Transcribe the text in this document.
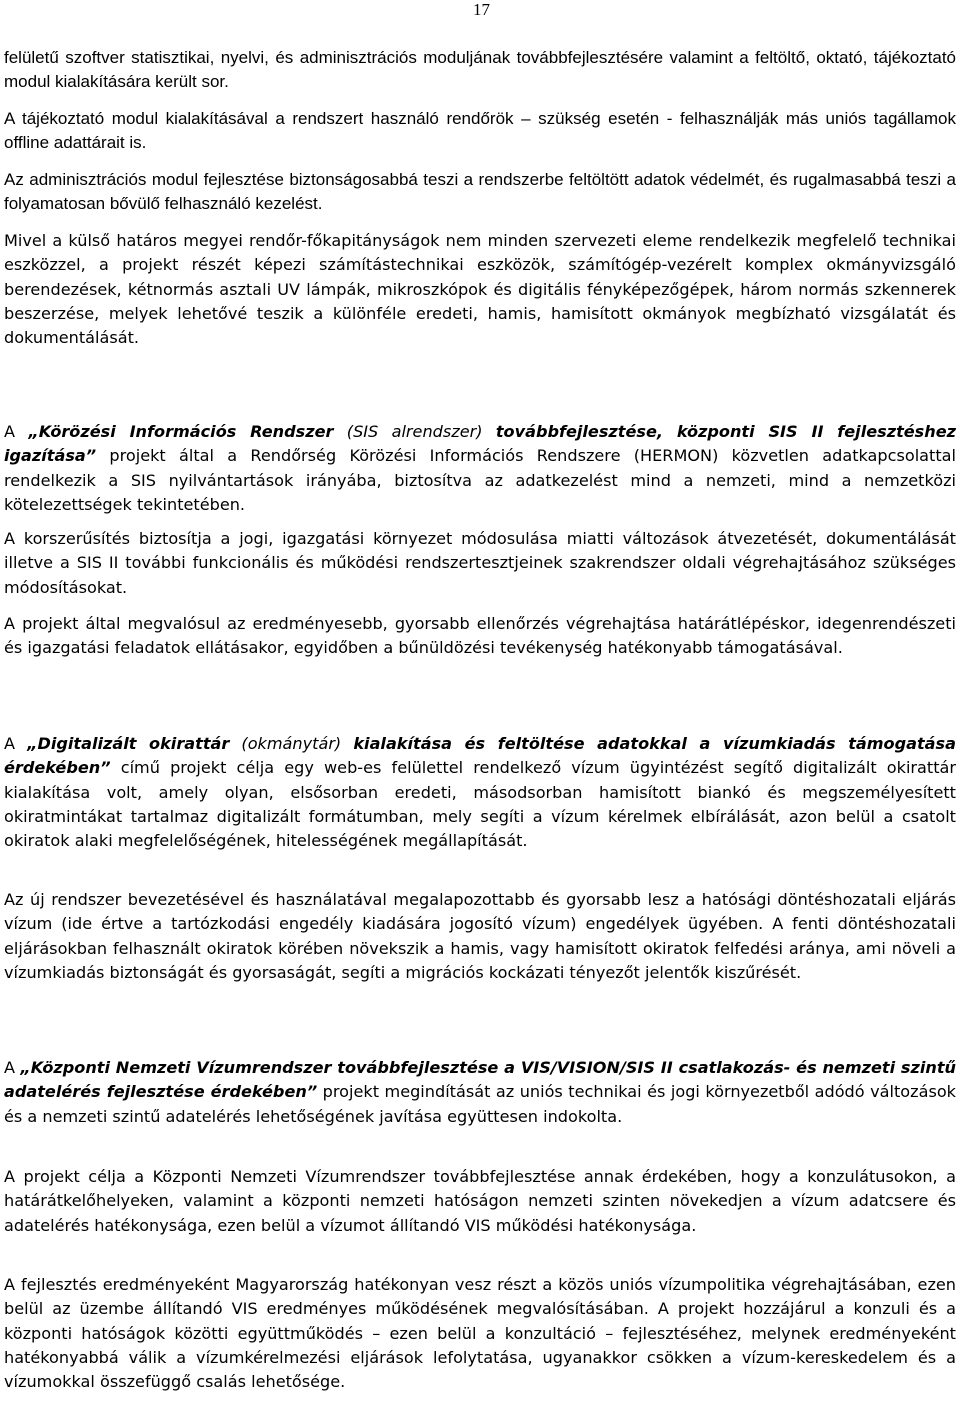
17

felületű szoftver statisztikai, nyelvi, és adminisztrációs moduljának továbbfejlesztésére valamint a feltöltő, oktató, tájékoztató modul kialakítására került sor.

A tájékoztató modul kialakításával a rendszert használó rendőrök – szükség esetén - felhasználják más uniós tagállamok offline adattárait is.

Az adminisztrációs modul fejlesztése biztonságosabbá teszi a rendszerbe feltöltött adatok védelmét, és rugalmasabbá teszi a folyamatosan bővülő felhasználó kezelést.

Mivel a külső határos megyei rendőr-főkapitányságok nem minden szervezeti eleme rendelkezik megfelelő technikai eszközzel, a projekt részét képezi számítástechnikai eszközök, számítógép-vezérelt komplex okmányvizsgáló berendezések, kétnormás asztali UV lámpák, mikroszkópok és digitális fényképezőgépek, három normás szkennerek beszerzése, melyek lehetővé teszik a különféle eredeti, hamis, hamisított okmányok megbízható vizsgálatát és dokumentálását.

A „Körözési Információs Rendszer (SIS alrendszer) továbbfejlesztése, központi SIS II fejlesztéshez igazítása” projekt által a Rendőrség Körözési Információs Rendszere (HERMON) közvetlen adatkapcsolattal rendelkezik a SIS nyilvántartások irányába, biztosítva az adatkezelést mind a nemzeti, mind a nemzetközi kötelezettségek tekintetében.

A korszerűsítés biztosítja a jogi, igazgatási környezet módosulása miatti változások átvezetését, dokumentálását illetve a SIS II további funkcionális és működési rendszertesztjeinek szakrendszer oldali végrehajtásához szükséges módosításokat.

A projekt által megvalósul az eredményesebb, gyorsabb ellenőrzés végrehajtása határátlépéskor, idegenrendészeti és igazgatási feladatok ellátásakor, egyidőben a bűnüldözési tevékenység hatékonyabb támogatásával.

A „Digitalizált okirattár (okmánytár) kialakítása és feltöltése adatokkal a vízumkiadás támogatása érdekében” című projekt célja egy web-es felülettel rendelkező vízum ügyintézést segítő digitalizált okirattár kialakítása volt, amely olyan, elsősorban eredeti, másodsorban hamisított biankó és megszemélyesített okiratmintákat tartalmaz digitalizált formátumban, mely segíti a vízum kérelmek elbírálását, azon belül a csatolt okiratok alaki megfelelőségének, hitelességének megállapítását.

Az új rendszer bevezetésével és használatával megalapozottabb és gyorsabb lesz a hatósági döntéshozatali eljárás vízum (ide értve a tartózkodási engedély kiadására jogosító vízum) engedélyek ügyében. A fenti döntéshozatali eljárásokban felhasznált okiratok körében növekszik a hamis, vagy hamisított okiratok felfedési aránya, ami növeli a vízumkiadás biztonságát és gyorsaságát, segíti a migrációs kockázati tényezőt jelentők kiszűrését.

A „Központi Nemzeti Vízumrendszer továbbfejlesztése a VIS/VISION/SIS II csatlakozás- és nemzeti szintű adatelérés fejlesztése érdekében” projekt megindítását az uniós technikai és jogi környezetből adódó változások és a nemzeti szintű adatelérés lehetőségének javítása együttesen indokolta.

A projekt célja a Központi Nemzeti Vízumrendszer továbbfejlesztése annak érdekében, hogy a konzulátusokon, a határátkelőhelyeken, valamint a központi nemzeti hatóságon nemzeti szinten növekedjen a vízum adatcsere és adatelérés hatékonysága, ezen belül a vízumot állítandó VIS működési hatékonysága.

A fejlesztés eredményeként Magyarország hatékonyan vesz részt a közös uniós vízumpolitika végrehajtásában, ezen belül az üzembe állítandó VIS eredményes működésének megvalósításában. A projekt hozzájárul a konzuli és a központi hatóságok közötti együttműködés – ezen belül a konzultáció – fejlesztéséhez, melynek eredményeként hatékonyabbá válik a vízumkérelmezési eljárások lefolytatása, ugyanakkor csökken a vízum-kereskedelem és a vízumokkal összefüggő csalás lehetősége.
